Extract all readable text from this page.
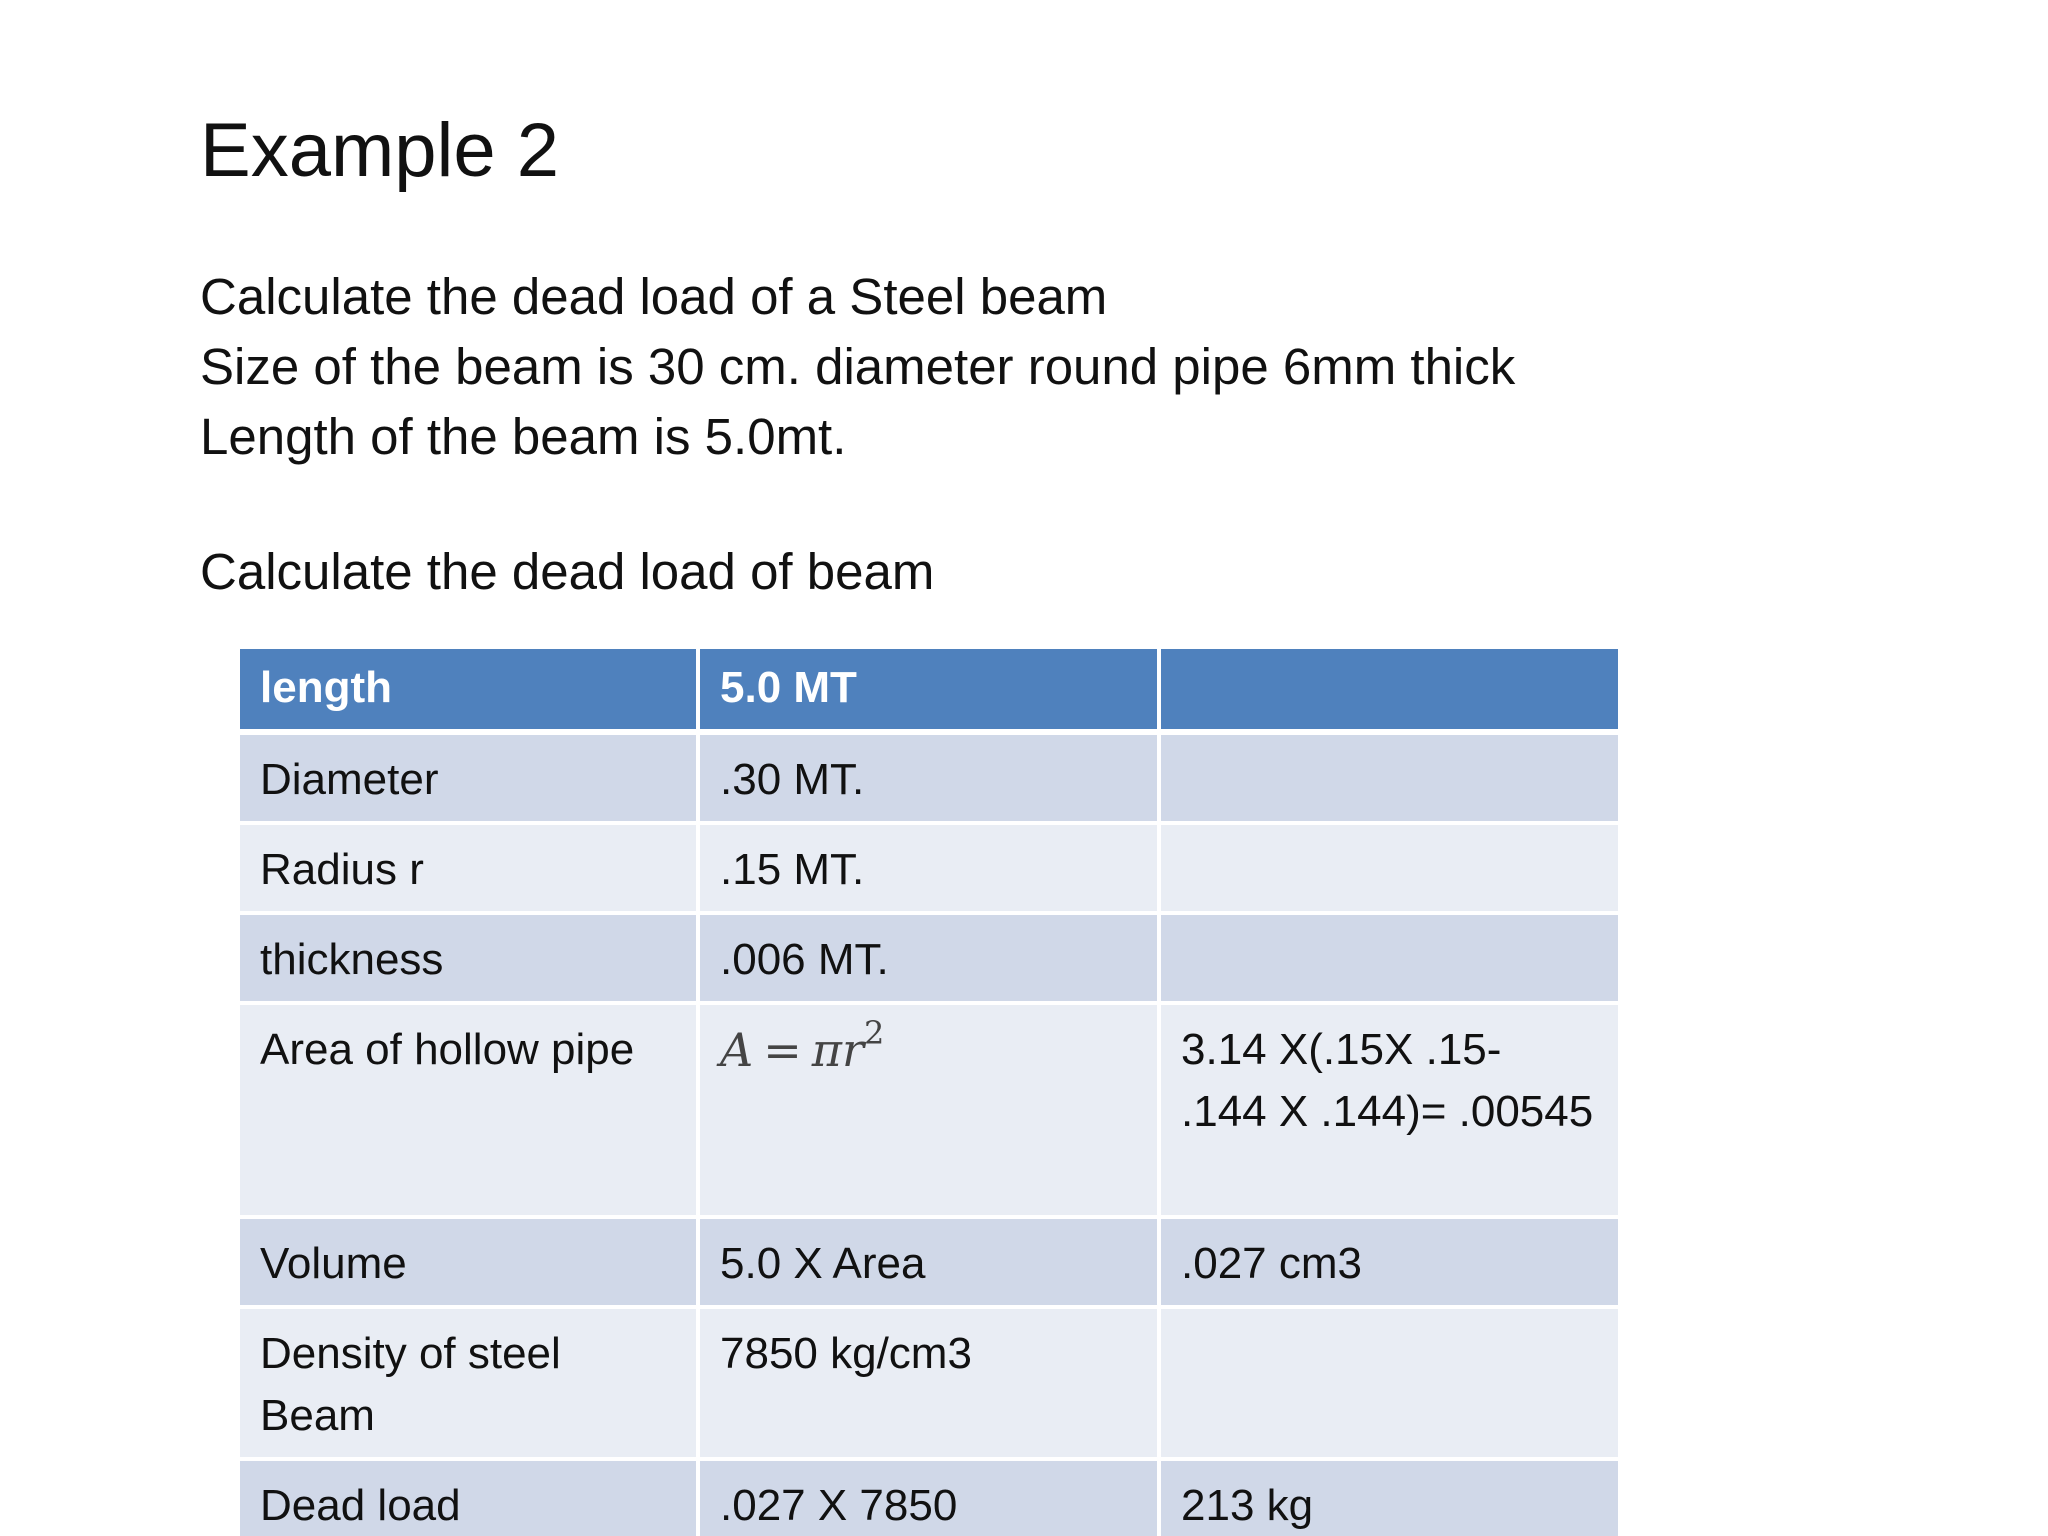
Example 2
Calculate the dead load of a Steel beam
Size of the beam is 30 cm. diameter round pipe 6mm thick
Length of the beam is 5.0mt.
Calculate the dead load of beam
length	5.0 MT	
Diameter	.30 MT.	
Radius r	.15 MT.	
thickness	.006 MT.	
Area of hollow pipe	$A = \pi r^2$	3.14 X(.15X .15- .144 X .144)= .00545
Volume	5.0 X Area	.027 cm3
Density of steel Beam	7850 kg/cm3	
Dead load	.027 X 7850	213 kg
